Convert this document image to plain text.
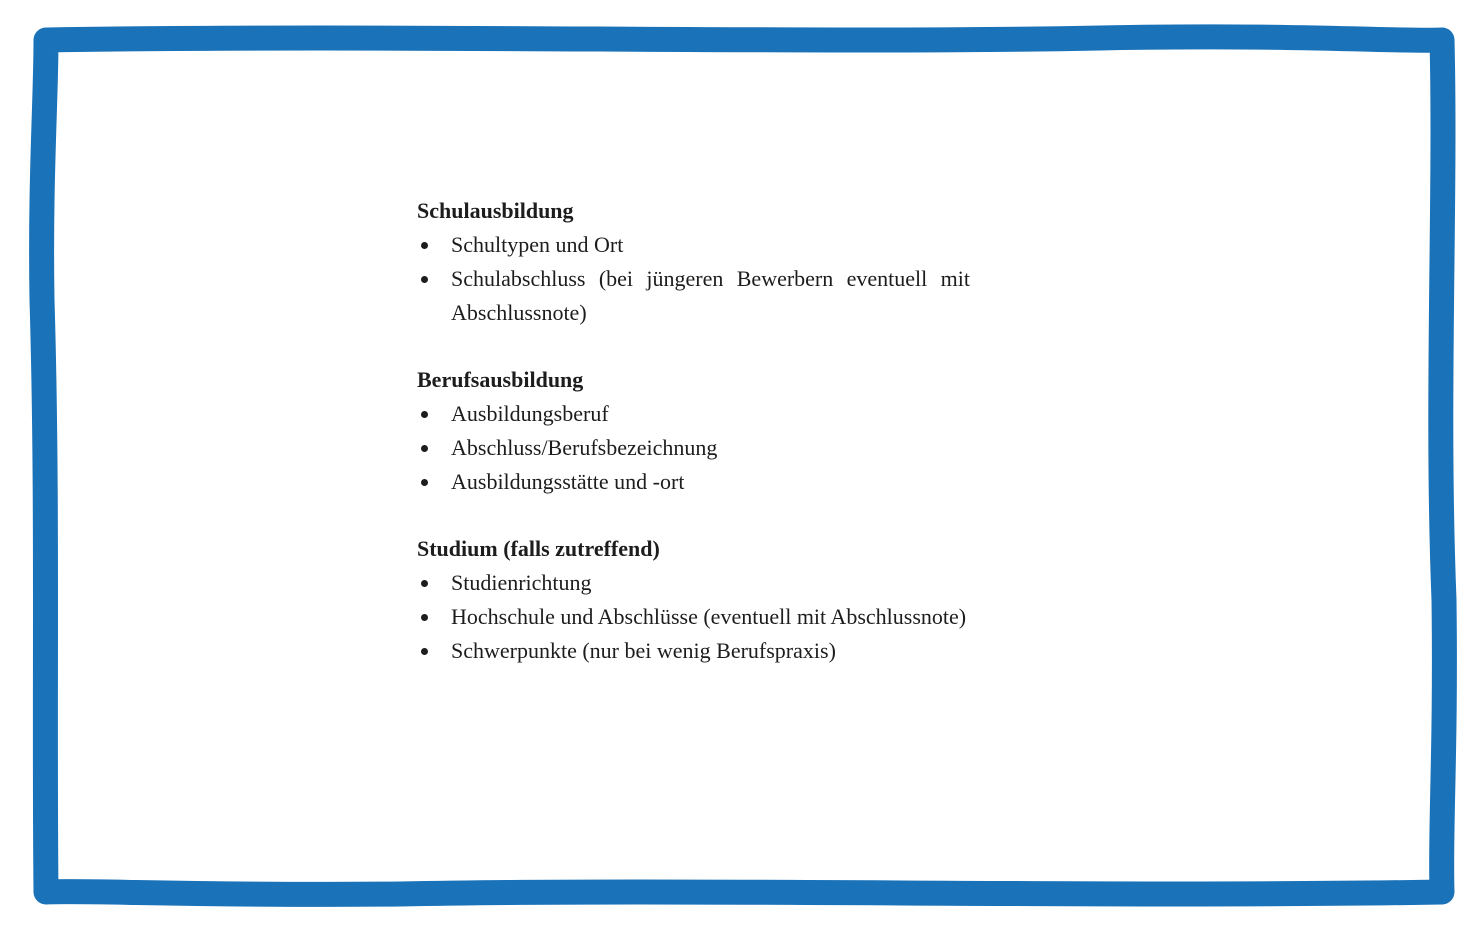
Schulausbildung
Schultypen und Ort
Schulabschluss (bei jüngeren Bewerbern eventuell mit Abschlussnote)
Berufsausbildung
Ausbildungsberuf
Abschluss/Berufsbezeichnung
Ausbildungsstätte und -ort
Studium (falls zutreffend)
Studienrichtung
Hochschule und Abschlüsse (eventuell mit Abschlussnote)
Schwerpunkte (nur bei wenig Berufspraxis)
